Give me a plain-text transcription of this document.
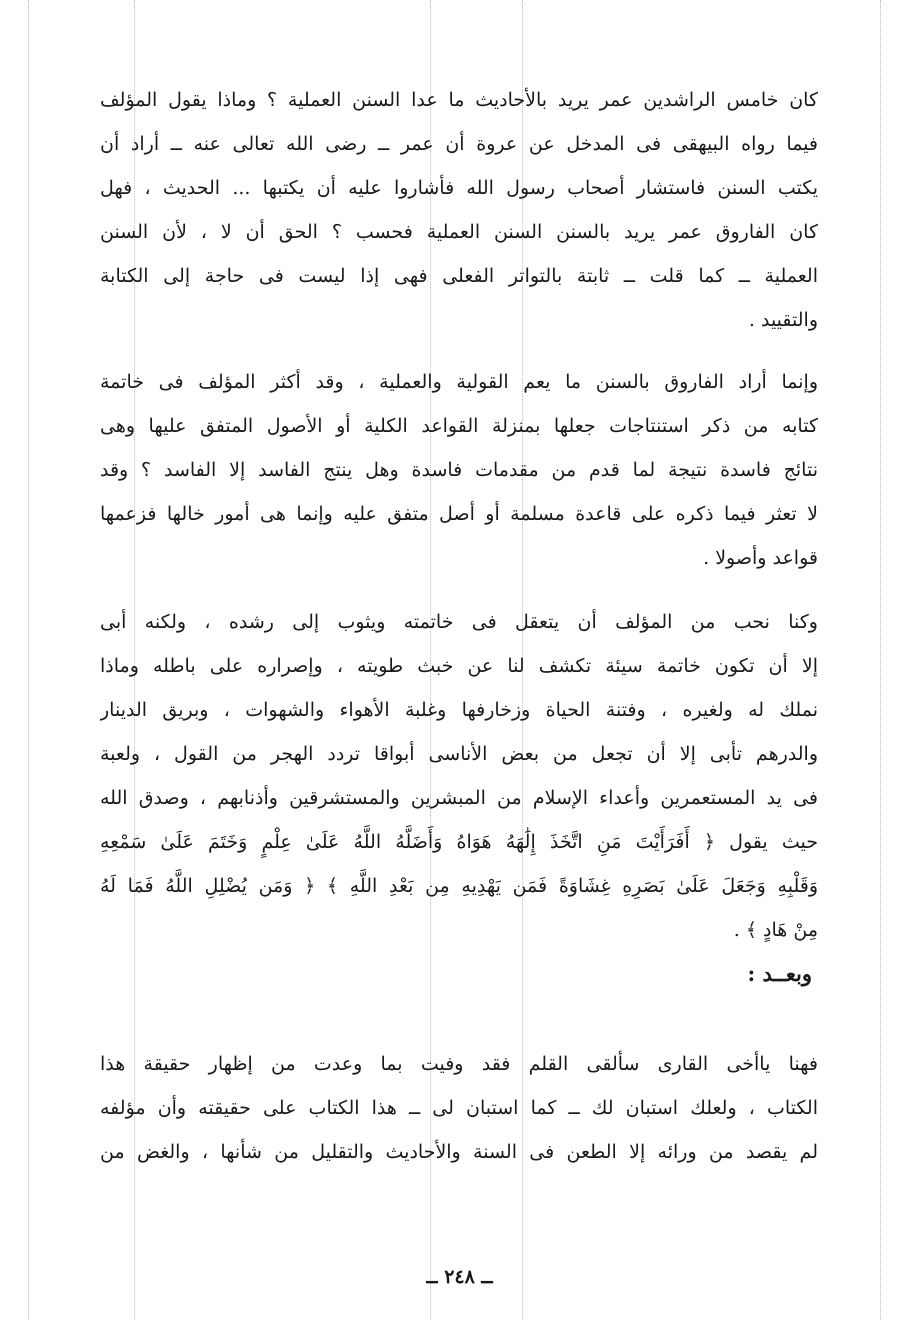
كان خامس الراشدين عمر يريد بالأحاديث ما عدا السنن العملية ؟ وماذا يقول المؤلف
فيما رواه البيهقى فى المدخل عن عروة أن عمر ــ رضى الله تعالى عنه ــ أراد أن
يكتب السنن فاستشار أصحاب رسول الله فأشاروا عليه أن يكتبها ... الحديث ، فهل
كان الفاروق عمر يريد بالسنن السنن العملية فحسب ؟ الحق أن لا ، لأن السنن
العملية ــ كما قلت ــ ثابتة بالتواتر الفعلى فهى إذا ليست فى حاجة إلى الكتابة
والتقييد .
وإنما أراد الفاروق بالسنن ما يعم القولية والعملية ، وقد أكثر المؤلف فى خاتمة
كتابه من ذكر استنتاجات جعلها بمنزلة القواعد الكلية أو الأصول المتفق عليها وهى
نتائج فاسدة نتيجة لما قدم من مقدمات فاسدة وهل ينتج الفاسد إلا الفاسد ؟ وقد
لا تعثر فيما ذكره على قاعدة مسلمة أو أصل متفق عليه وإنما هى أمور خالها فزعمها
قواعد وأصولا .
وكنا نحب من المؤلف أن يتعقل فى خاتمته ويثوب إلى رشده ، ولكنه أبى
إلا أن تكون خاتمة سيئة تكشف لنا عن خبث طويته ، وإصراره على باطله وماذا
نملك له ولغيره ، وفتنة الحياة وزخارفها وغلبة الأهواء والشهوات ، وبريق الدينار
والدرهم تأبى إلا أن تجعل من بعض الأناسى أبواقا تردد الهجر من القول ، ولعبة
فى يد المستعمرين وأعداء الإسلام من المبشرين والمستشرقين وأذنابهم ، وصدق الله
حيث يقول ﴿ أَفَرَأَيْتَ مَنِ اتَّخَذَ إِلَٰهَهُ هَوَاهُ وَأَضَلَّهُ اللَّهُ عَلَىٰ عِلْمٍ وَخَتَمَ عَلَىٰ سَمْعِهِ
وَقَلْبِهِ وَجَعَلَ عَلَىٰ بَصَرِهِ غِشَاوَةً فَمَن يَهْدِيهِ مِن بَعْدِ اللَّهِ ﴾ ﴿ وَمَن يُضْلِلِ اللَّهُ فَمَا لَهُ
مِنْ هَادٍ ﴾ .
وبعــد :
فهنا ياأخى القارى سألقى القلم فقد وفيت بما وعدت من إظهار حقيقة هذا
الكتاب ، ولعلك استبان لك ــ كما استبان لى ــ هذا الكتاب على حقيقته وأن مؤلفه
لم يقصد من ورائه إلا الطعن فى السنة والأحاديث والتقليل من شأنها ، والغض من
ــ ٢٤٨ ــ
